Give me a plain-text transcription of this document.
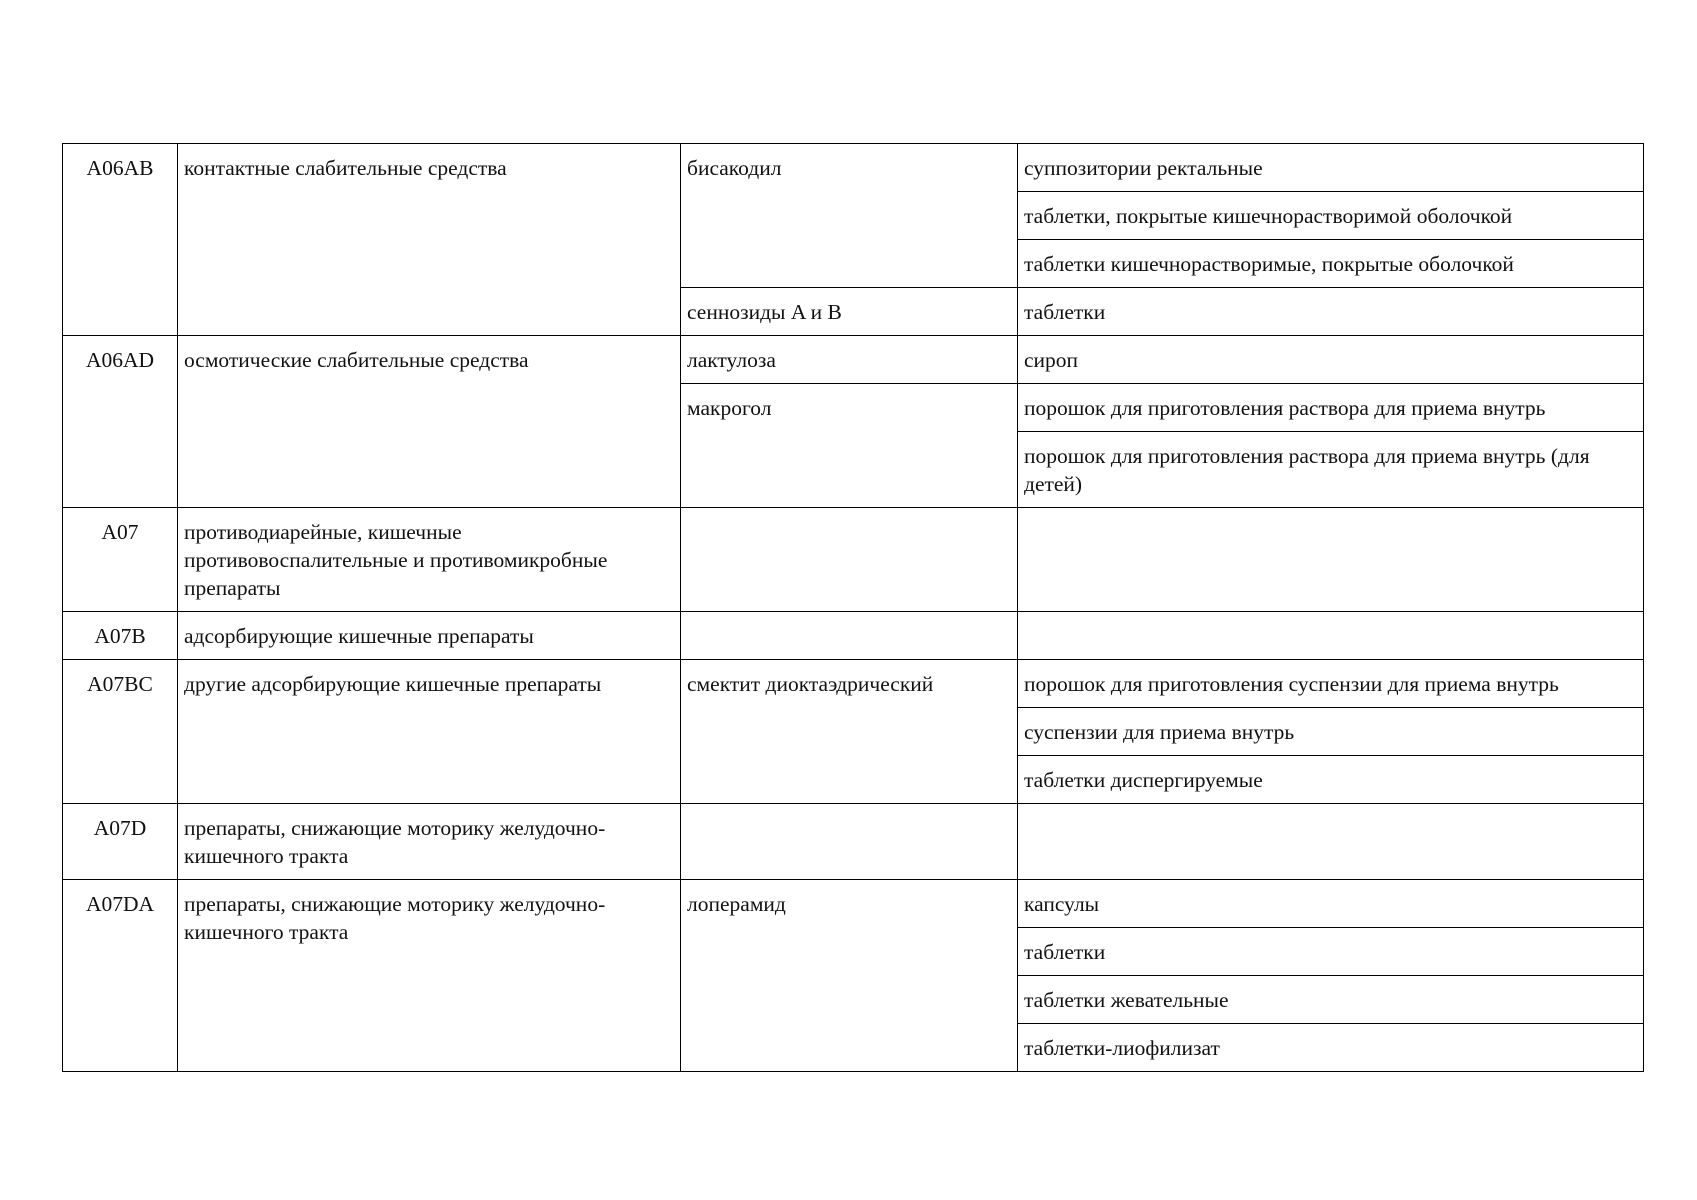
A06AB	контактные слабительные средства	бисакодил	суппозитории ректальные
			таблетки, покрытые кишечнорастворимой оболочкой
			таблетки кишечнорастворимые, покрытые оболочкой
		сеннозиды A и B	таблетки
A06AD	осмотические слабительные средства	лактулоза	сироп
		макрогол	порошок для приготовления раствора для приема внутрь
			порошок для приготовления раствора для приема внутрь (для детей)
A07	противодиарейные, кишечные противовоспалительные и противомикробные препараты		
A07B	адсорбирующие кишечные препараты		
A07BC	другие адсорбирующие кишечные препараты	смектит диоктаэдрический	порошок для приготовления суспензии для приема внутрь
			суспензии для приема внутрь
			таблетки диспергируемые
A07D	препараты, снижающие моторику желудочно-кишечного тракта		
A07DA	препараты, снижающие моторику желудочно-кишечного тракта	лоперамид	капсулы
			таблетки
			таблетки жевательные
			таблетки-лиофилизат
